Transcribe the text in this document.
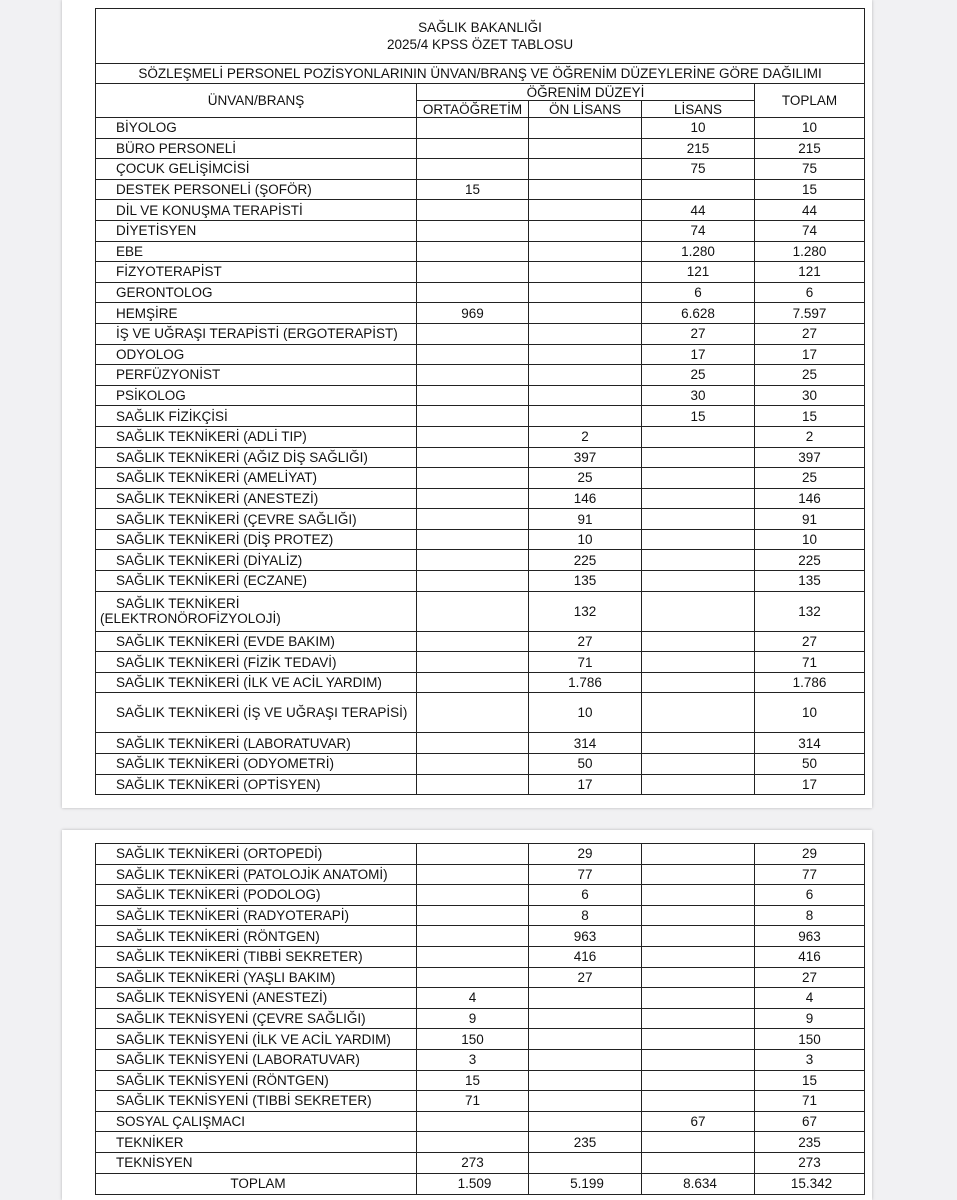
SAĞLIK BAKANLIĞI
2025/4 KPSS ÖZET TABLOSU				

SÖZLEŞMELİ PERSONEL POZİSYONLARININ ÜNVAN/BRANŞ VE ÖĞRENİM DÜZEYLERİNE GÖRE DAĞILIMI				
ÜNVAN/BRANŞ	ÖĞRENİM DÜZEYİ			TOPLAM
	ORTAÖĞRETİM	ÖN LİSANS	LİSANS	
BİYOLOG			10	10
BÜRO PERSONELİ			215	215
ÇOCUK GELİŞİMCİSİ			75	75
DESTEK PERSONELİ (ŞOFÖR)	15			15
DİL VE KONUŞMA TERAPİSTİ			44	44
DİYETİSYEN			74	74
EBE			1.280	1.280
FİZYOTERAPİST			121	121
GERONTOLOG			6	6
HEMŞİRE	969		6.628	7.597
İŞ VE UĞRAŞI TERAPİSTİ (ERGOTERAPİST)			27	27
ODYOLOG			17	17
PERFÜZYONİST			25	25
PSİKOLOG			30	30
SAĞLIK FİZİKÇİSİ			15	15
SAĞLIK TEKNİKERİ (ADLİ TIP)		2		2
SAĞLIK TEKNİKERİ (AĞIZ DİŞ SAĞLIĞI)		397		397
SAĞLIK TEKNİKERİ (AMELİYAT)		25		25
SAĞLIK TEKNİKERİ (ANESTEZİ)		146		146
SAĞLIK TEKNİKERİ (ÇEVRE SAĞLIĞI)		91		91
SAĞLIK TEKNİKERİ (DİŞ PROTEZ)		10		10
SAĞLIK TEKNİKERİ (DİYALİZ)		225		225
SAĞLIK TEKNİKERİ (ECZANE)		135		135
SAĞLIK TEKNİKERİ (ELEKTRONÖROFİZYOLOJİ)		132		132
SAĞLIK TEKNİKERİ (EVDE BAKIM)		27		27
SAĞLIK TEKNİKERİ (FİZİK TEDAVİ)		71		71
SAĞLIK TEKNİKERİ (İLK VE ACİL YARDIM)		1.786		1.786
SAĞLIK TEKNİKERİ (İŞ VE UĞRAŞI TERAPİSİ)		10		10
SAĞLIK TEKNİKERİ (LABORATUVAR)		314		314
SAĞLIK TEKNİKERİ (ODYOMETRİ)		50		50
SAĞLIK TEKNİKERİ (OPTİSYEN)		17		17
SAĞLIK TEKNİKERİ (ORTOPEDİ)		29		29
SAĞLIK TEKNİKERİ (PATOLOJİK ANATOMİ)		77		77
SAĞLIK TEKNİKERİ (PODOLOG)		6		6
SAĞLIK TEKNİKERİ (RADYOTERAPİ)		8		8
SAĞLIK TEKNİKERİ (RÖNTGEN)		963		963
SAĞLIK TEKNİKERİ (TIBBİ SEKRETER)		416		416
SAĞLIK TEKNİKERİ (YAŞLI BAKIM)		27		27
SAĞLIK TEKNİSYENİ (ANESTEZİ)	4			4
SAĞLIK TEKNİSYENİ (ÇEVRE SAĞLIĞI)	9			9
SAĞLIK TEKNİSYENİ (İLK VE ACİL YARDIM)	150			150
SAĞLIK TEKNİSYENİ (LABORATUVAR)	3			3
SAĞLIK TEKNİSYENİ (RÖNTGEN)	15			15
SAĞLIK TEKNİSYENİ (TIBBİ SEKRETER)	71			71
SOSYAL ÇALIŞMACI			67	67
TEKNİKER		235		235
TEKNİSYEN	273			273
TOPLAM	1.509	5.199	8.634	15.342
